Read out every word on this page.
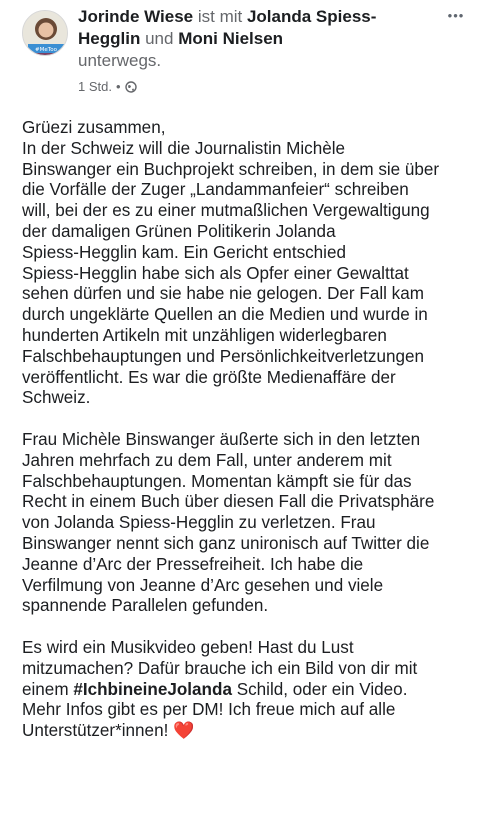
#MeToo
Jorinde Wiese ist mit Jolanda Spiess-Hegglin und Moni Nielsen
unterwegs.
1 Std. •
•••
Grüezi zusammen,
In der Schweiz will die Journalistin Michèle
Binswanger ein Buchprojekt schreiben, in dem sie über
die Vorfälle der Zuger „Landammanfeier“ schreiben
will, bei der es zu einer mutmaßlichen Vergewaltigung
der damaligen Grünen Politikerin Jolanda
Spiess-Hegglin kam. Ein Gericht entschied
Spiess-Hegglin habe sich als Opfer einer Gewalttat
sehen dürfen und sie habe nie gelogen. Der Fall kam
durch ungeklärte Quellen an die Medien und wurde in
hunderten Artikeln mit unzähligen widerlegbaren
Falschbehauptungen und Persönlichkeitverletzungen
veröffentlicht. Es war die größte Medienaffäre der
Schweiz.
Frau Michèle Binswanger äußerte sich in den letzten
Jahren mehrfach zu dem Fall, unter anderem mit
Falschbehauptungen. Momentan kämpft sie für das
Recht in einem Buch über diesen Fall die Privatsphäre
von Jolanda Spiess-Hegglin zu verletzen. Frau
Binswanger nennt sich ganz unironisch auf Twitter die
Jeanne d’Arc der Pressefreiheit. Ich habe die
Verfilmung von Jeanne d’Arc gesehen und viele
spannende Parallelen gefunden.
Es wird ein Musikvideo geben! Hast du Lust
mitzumachen? Dafür brauche ich ein Bild von dir mit
einem #IchbineineJolanda Schild, oder ein Video.
Mehr Infos gibt es per DM! Ich freue mich auf alle
Unterstützer*innen! ❤️
